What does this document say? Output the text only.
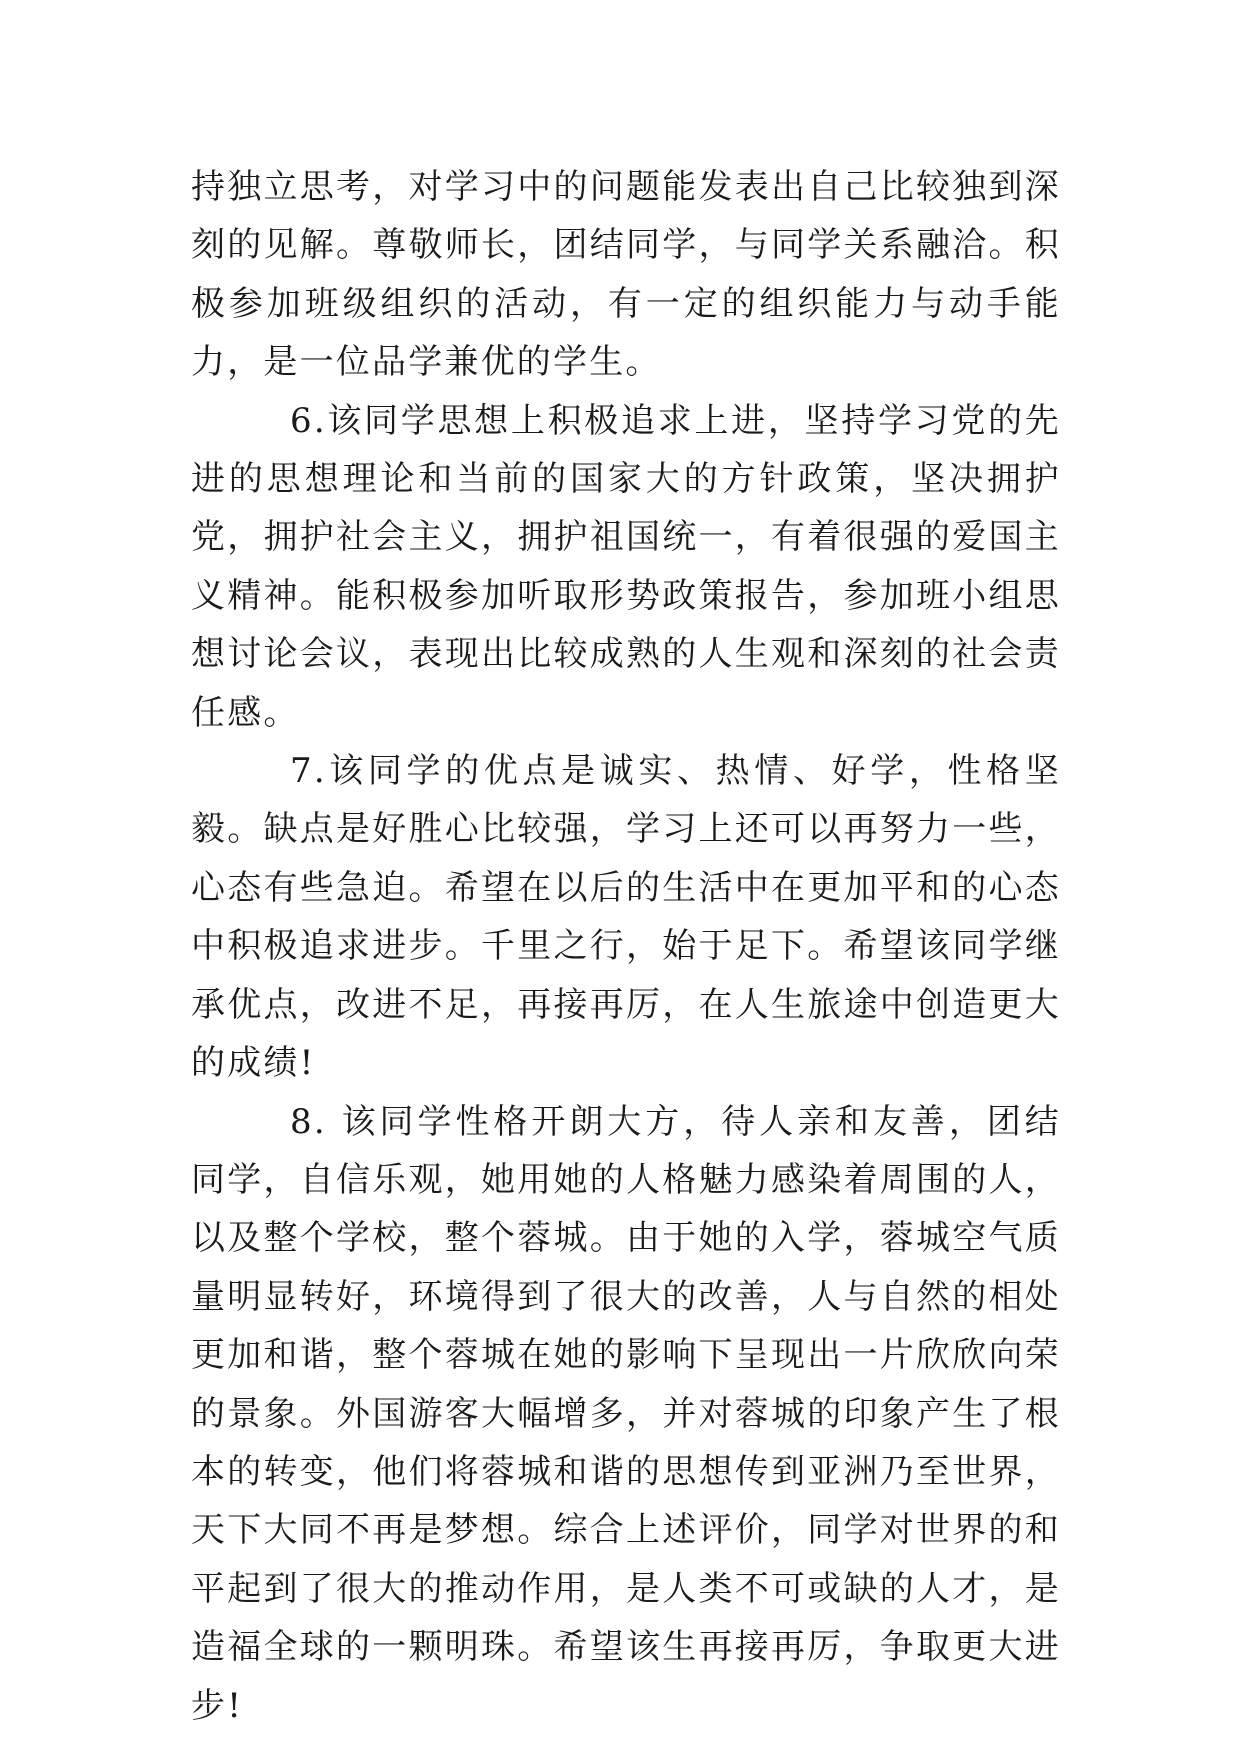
持独立思考，对学习中的问题能发表出自己比较独到深刻的见解。尊敬师长，团结同学，与同学关系融洽。积极参加班级组织的活动，有一定的组织能力与动手能力，是一位品学兼优的学生。

6.该同学思想上积极追求上进，坚持学习党的先进的思想理论和当前的国家大的方针政策，坚决拥护党，拥护社会主义，拥护祖国统一，有着很强的爱国主义精神。能积极参加听取形势政策报告，参加班小组思想讨论会议，表现出比较成熟的人生观和深刻的社会责任感。

7.该同学的优点是诚实、热情、好学，性格坚毅。缺点是好胜心比较强，学习上还可以再努力一些，心态有些急迫。希望在以后的生活中在更加平和的心态中积极追求进步。千里之行，始于足下。希望该同学继承优点，改进不足，再接再厉，在人生旅途中创造更大的成绩!

8. 该同学性格开朗大方，待人亲和友善，团结同学，自信乐观，她用她的人格魅力感染着周围的人，以及整个学校，整个蓉城。由于她的入学，蓉城空气质量明显转好，环境得到了很大的改善，人与自然的相处更加和谐，整个蓉城在她的影响下呈现出一片欣欣向荣的景象。外国游客大幅增多，并对蓉城的印象产生了根本的转变，他们将蓉城和谐的思想传到亚洲乃至世界，天下大同不再是梦想。综合上述评价，同学对世界的和平起到了很大的推动作用，是人类不可或缺的人才，是造福全球的一颗明珠。希望该生再接再厉，争取更大进步!
